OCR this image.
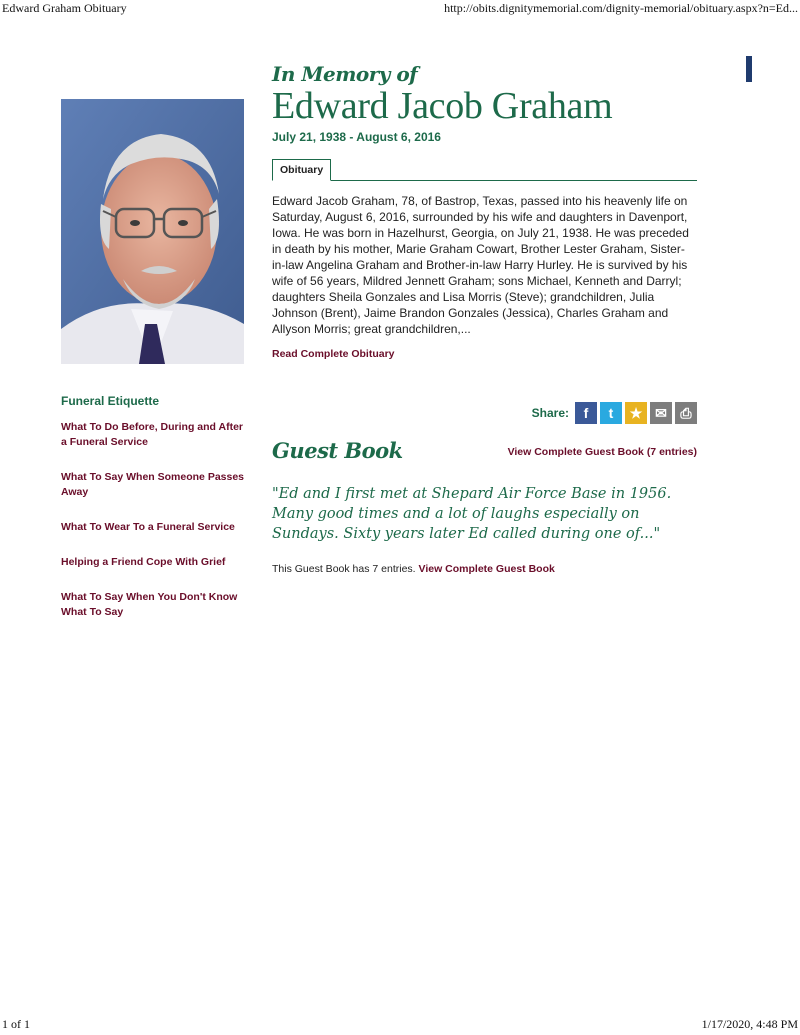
Edward Graham Obituary	http://obits.dignitymemorial.com/dignity-memorial/obituary.aspx?n=Ed...
Funeral Etiquette
What To Do Before, During and After a Funeral Service
What To Say When Someone Passes Away
What To Wear To a Funeral Service
Helping a Friend Cope With Grief
What To Say When You Don't Know What To Say
In Memory of
Edward Jacob Graham
July 21, 1938 - August 6, 2016
Obituary
Edward Jacob Graham, 78, of Bastrop, Texas, passed into his heavenly life on Saturday, August 6, 2016, surrounded by his wife and daughters in Davenport, Iowa. He was born in Hazelhurst, Georgia, on July 21, 1938. He was preceded in death by his mother, Marie Graham Cowart, Brother Lester Graham, Sister-in-law Angelina Graham and Brother-in-law Harry Hurley. He is survived by his wife of 56 years, Mildred Jennett Graham; sons Michael, Kenneth and Darryl; daughters Sheila Gonzales and Lisa Morris (Steve); grandchildren, Julia Johnson (Brent), Jaime Brandon Gonzales (Jessica), Charles Graham and Allyson Morris; great grandchildren,...
Read Complete Obituary
Share:	f	t	★ ✉ ⎙
Guest Book	View Complete Guest Book (7 entries)
"Ed and I first met at Shepard Air Force Base in 1956. Many good times and a lot of laughs especially on Sundays. Sixty years later Ed called during one of..."
This Guest Book has 7 entries. View Complete Guest Book
1 of 1	1/17/2020, 4:48 PM
